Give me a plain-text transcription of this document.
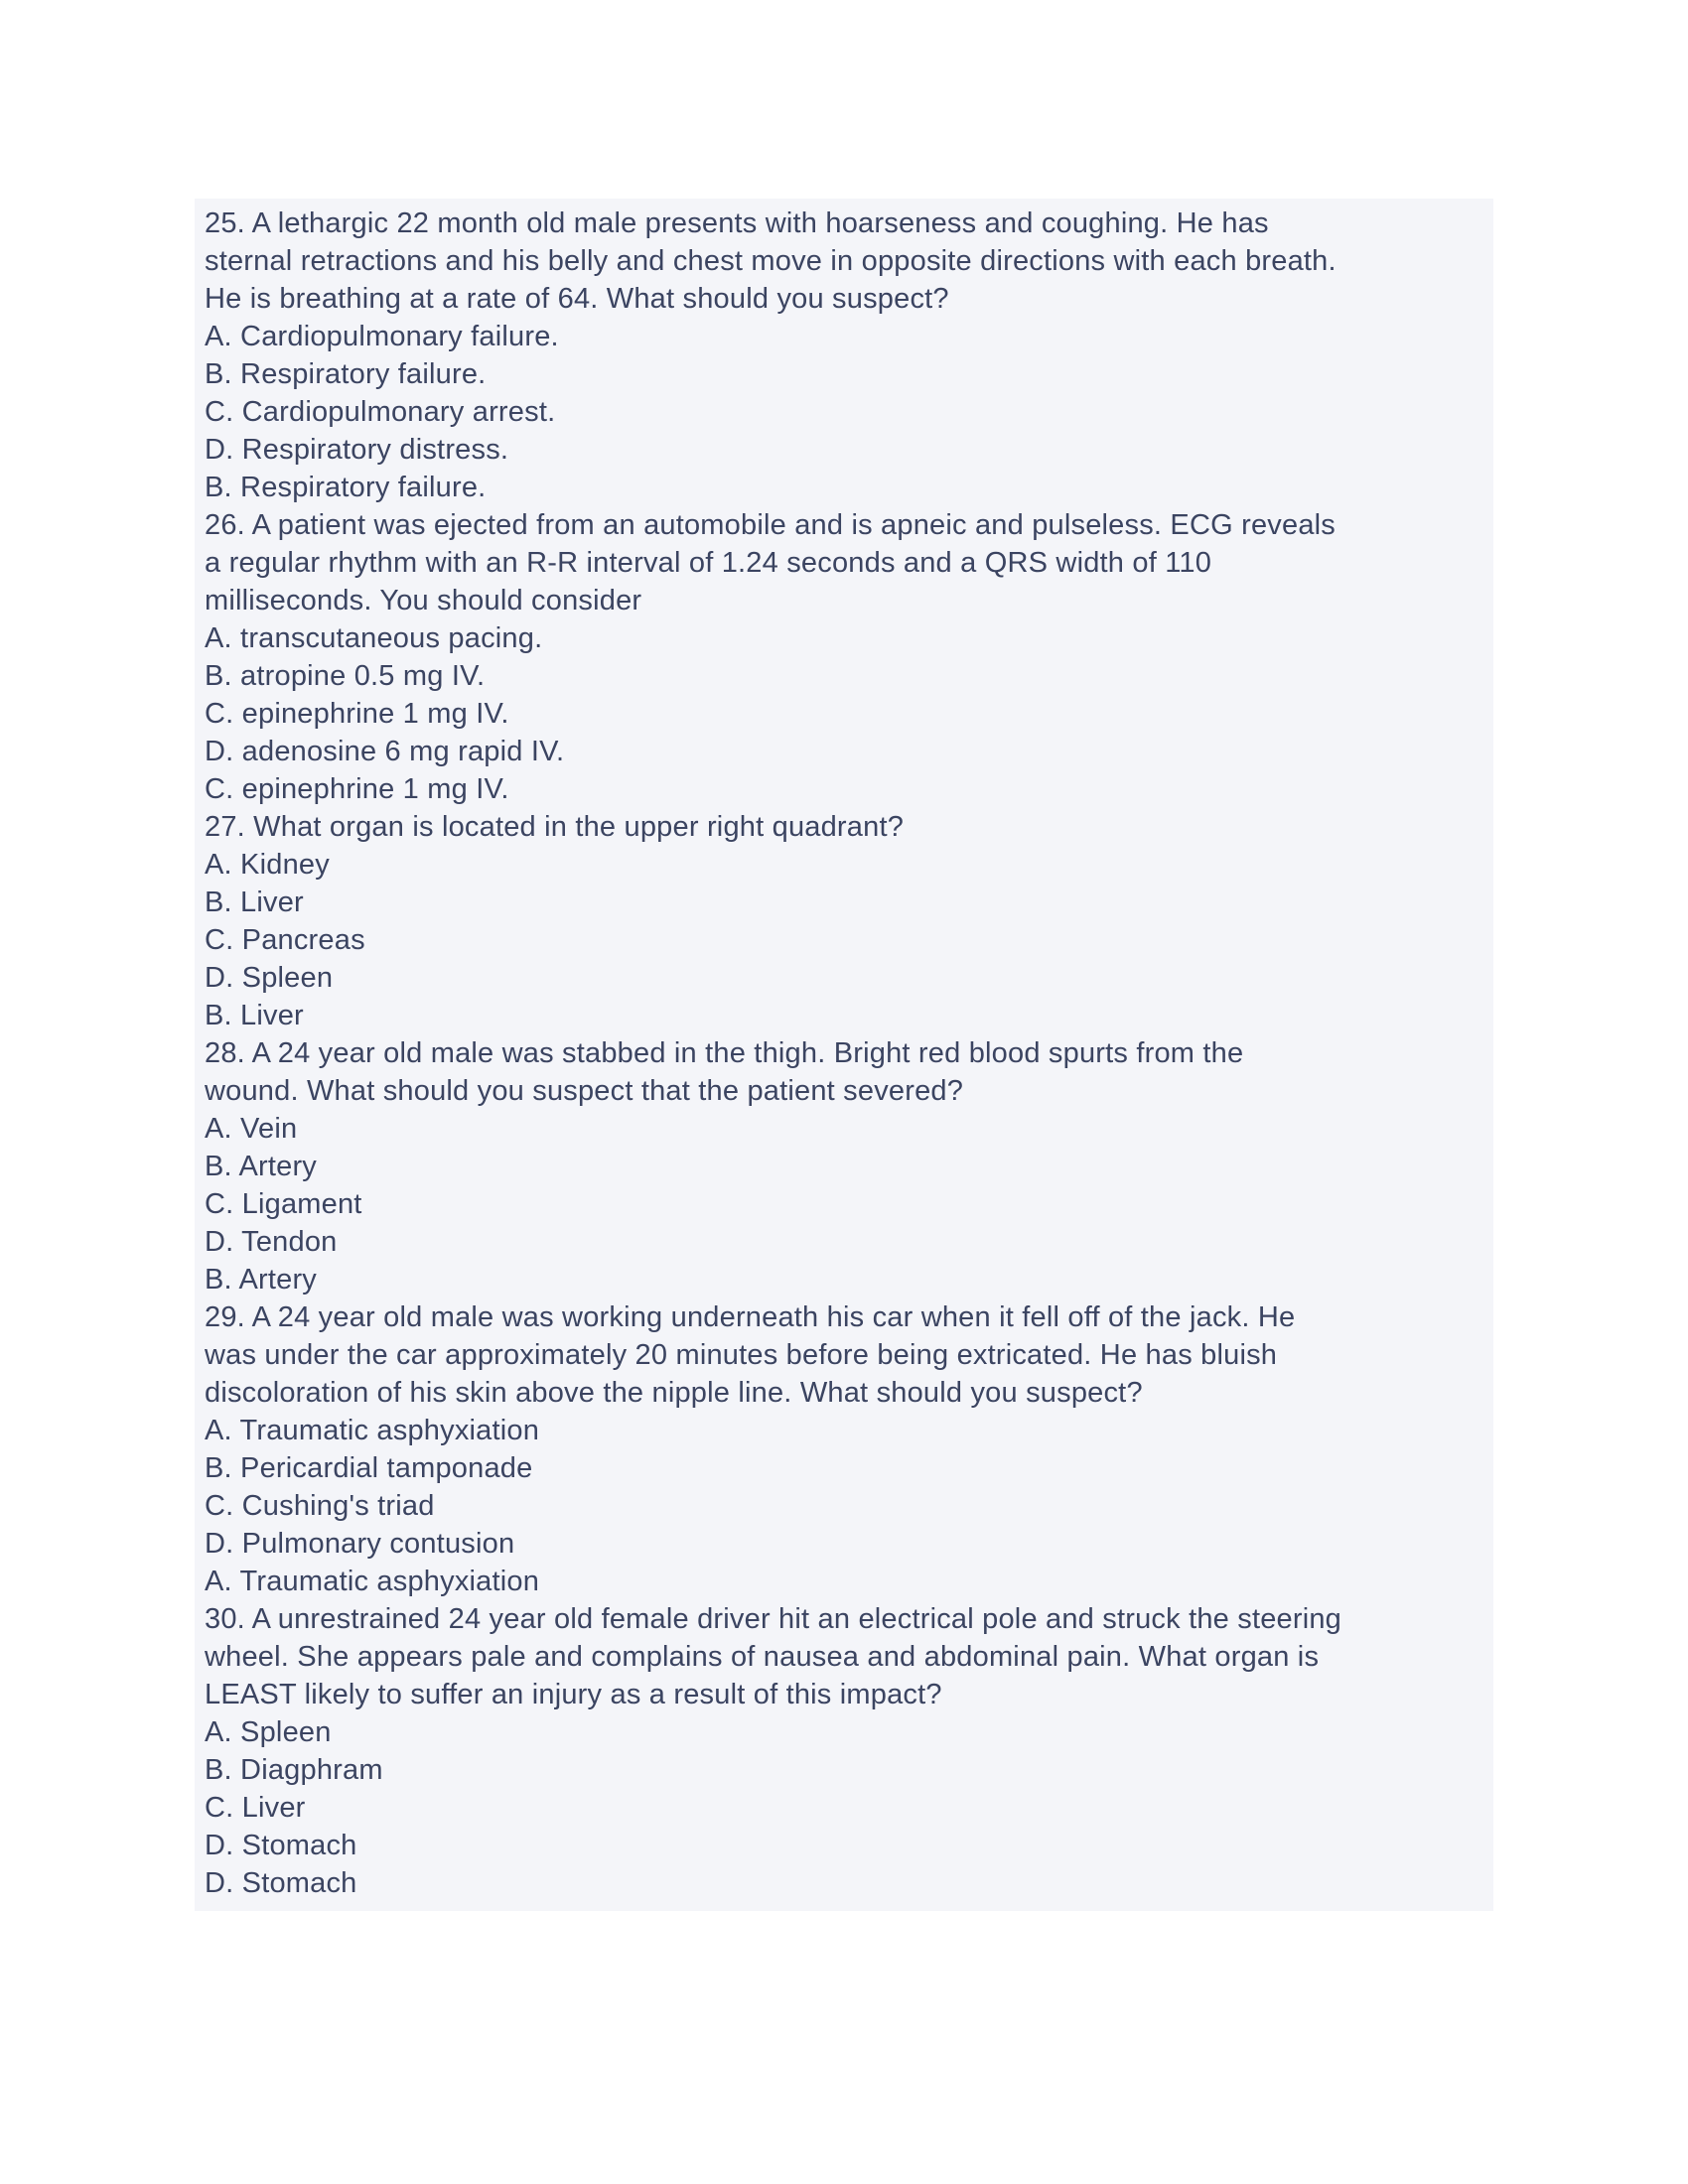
25. A lethargic 22 month old male presents with hoarseness and coughing. He has
sternal retractions and his belly and chest move in opposite directions with each breath.
He is breathing at a rate of 64. What should you suspect?
A. Cardiopulmonary failure.
B. Respiratory failure.
C. Cardiopulmonary arrest.
D. Respiratory distress.
B. Respiratory failure.
26. A patient was ejected from an automobile and is apneic and pulseless. ECG reveals
a regular rhythm with an R-R interval of 1.24 seconds and a QRS width of 110
milliseconds. You should consider
A. transcutaneous pacing.
B. atropine 0.5 mg IV.
C. epinephrine 1 mg IV.
D. adenosine 6 mg rapid IV.
C. epinephrine 1 mg IV.
27. What organ is located in the upper right quadrant?
A. Kidney
B. Liver
C. Pancreas
D. Spleen
B. Liver
28. A 24 year old male was stabbed in the thigh. Bright red blood spurts from the
wound. What should you suspect that the patient severed?
A. Vein
B. Artery
C. Ligament
D. Tendon
B. Artery
29. A 24 year old male was working underneath his car when it fell off of the jack. He
was under the car approximately 20 minutes before being extricated. He has bluish
discoloration of his skin above the nipple line. What should you suspect?
A. Traumatic asphyxiation
B. Pericardial tamponade
C. Cushing's triad
D. Pulmonary contusion
A. Traumatic asphyxiation
30. A unrestrained 24 year old female driver hit an electrical pole and struck the steering
wheel. She appears pale and complains of nausea and abdominal pain. What organ is
LEAST likely to suffer an injury as a result of this impact?
A. Spleen
B. Diagphram
C. Liver
D. Stomach
D. Stomach
